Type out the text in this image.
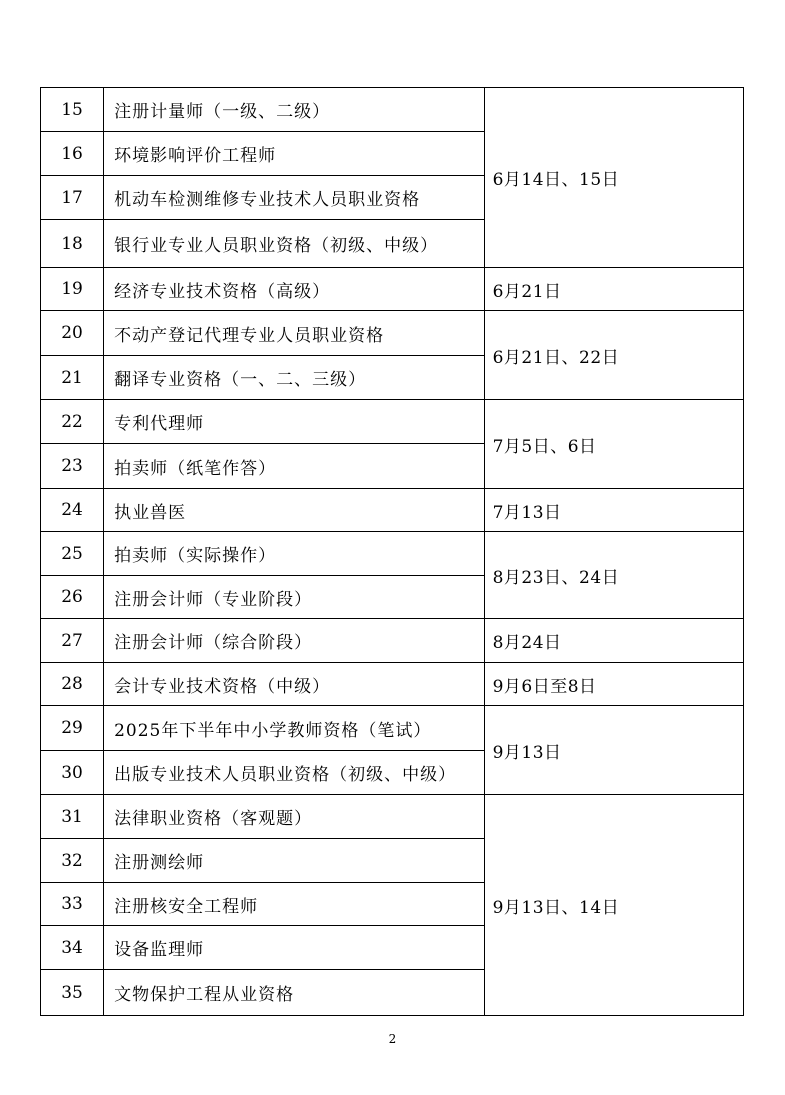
15	注册计量师（一级、二级）	6月14日、15日
16	环境影响评价工程师	
17	机动车检测维修专业技术人员职业资格	
18	银行业专业人员职业资格（初级、中级）	
19	经济专业技术资格（高级）	6月21日
20	不动产登记代理专业人员职业资格	6月21日、22日
21	翻译专业资格（一、二、三级）	
22	专利代理师	7月5日、6日
23	拍卖师（纸笔作答）	
24	执业兽医	7月13日
25	拍卖师（实际操作）	8月23日、24日
26	注册会计师（专业阶段）	
27	注册会计师（综合阶段）	8月24日
28	会计专业技术资格（中级）	9月6日至8日
29	2025年下半年中小学教师资格（笔试）	9月13日
30	出版专业技术人员职业资格（初级、中级）	
31	法律职业资格（客观题）	9月13日、14日
32	注册测绘师	
33	注册核安全工程师	
34	设备监理师	
35	文物保护工程从业资格	
2
